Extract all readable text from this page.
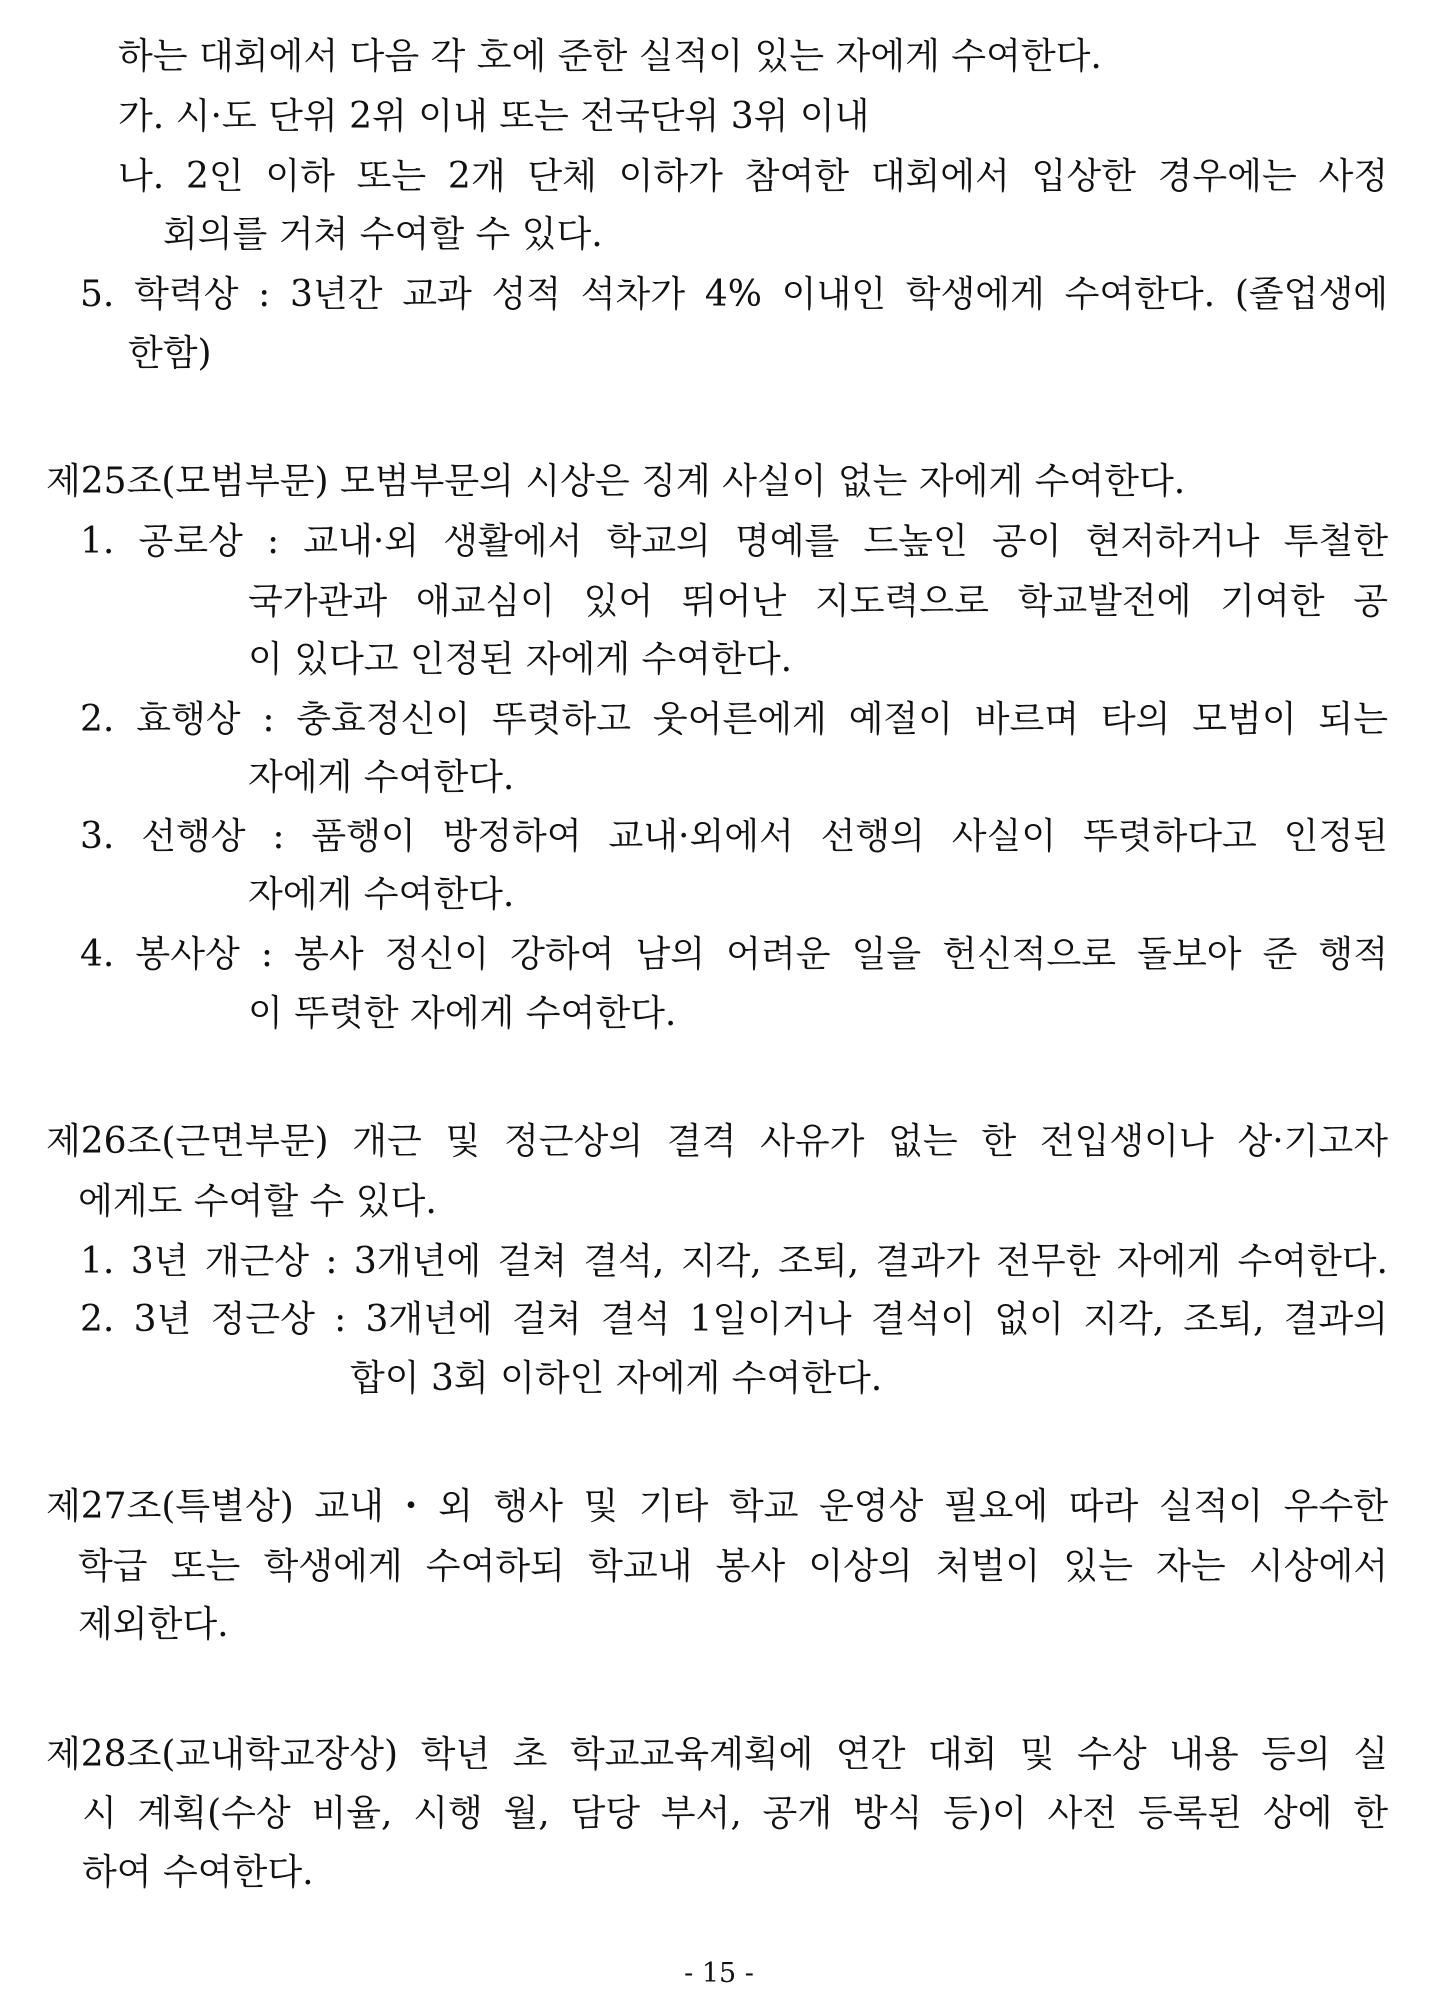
하는 대회에서 다음 각 호에 준한 실적이 있는 자에게 수여한다.
가. 시·도 단위 2위 이내 또는 전국단위 3위 이내
나. 2인 이하 또는 2개 단체 이하가 참여한 대회에서 입상한 경우에는 사정
회의를 거쳐 수여할 수 있다.
5. 학력상 : 3년간 교과 성적 석차가 4% 이내인 학생에게 수여한다. (졸업생에
한함)
제25조(모범부문) 모범부문의 시상은 징계 사실이 없는 자에게 수여한다.
1. 공로상 : 교내·외 생활에서 학교의 명예를 드높인 공이 현저하거나 투철한
국가관과 애교심이 있어 뛰어난 지도력으로 학교발전에 기여한 공
이 있다고 인정된 자에게 수여한다.
2. 효행상 : 충효정신이 뚜렷하고 웃어른에게 예절이 바르며 타의 모범이 되는
자에게 수여한다.
3. 선행상 : 품행이 방정하여 교내·외에서 선행의 사실이 뚜렷하다고 인정된
자에게 수여한다.
4. 봉사상 : 봉사 정신이 강하여 남의 어려운 일을 헌신적으로 돌보아 준 행적
이 뚜렷한 자에게 수여한다.
제26조(근면부문) 개근 및 정근상의 결격 사유가 없는 한 전입생이나 상·기고자
에게도 수여할 수 있다.
1. 3년 개근상 : 3개년에 걸쳐 결석, 지각, 조퇴, 결과가 전무한 자에게 수여한다.
2. 3년 정근상 : 3개년에 걸쳐 결석 1일이거나 결석이 없이 지각, 조퇴, 결과의
합이 3회 이하인 자에게 수여한다.
제27조(특별상) 교내・외 행사 및 기타 학교 운영상 필요에 따라 실적이 우수한
학급 또는 학생에게 수여하되 학교내 봉사 이상의 처벌이 있는 자는 시상에서
제외한다.
제28조(교내학교장상) 학년 초 학교교육계획에 연간 대회 및 수상 내용 등의 실
시 계획(수상 비율, 시행 월, 담당 부서, 공개 방식 등)이 사전 등록된 상에 한
하여 수여한다.
- 15 -
